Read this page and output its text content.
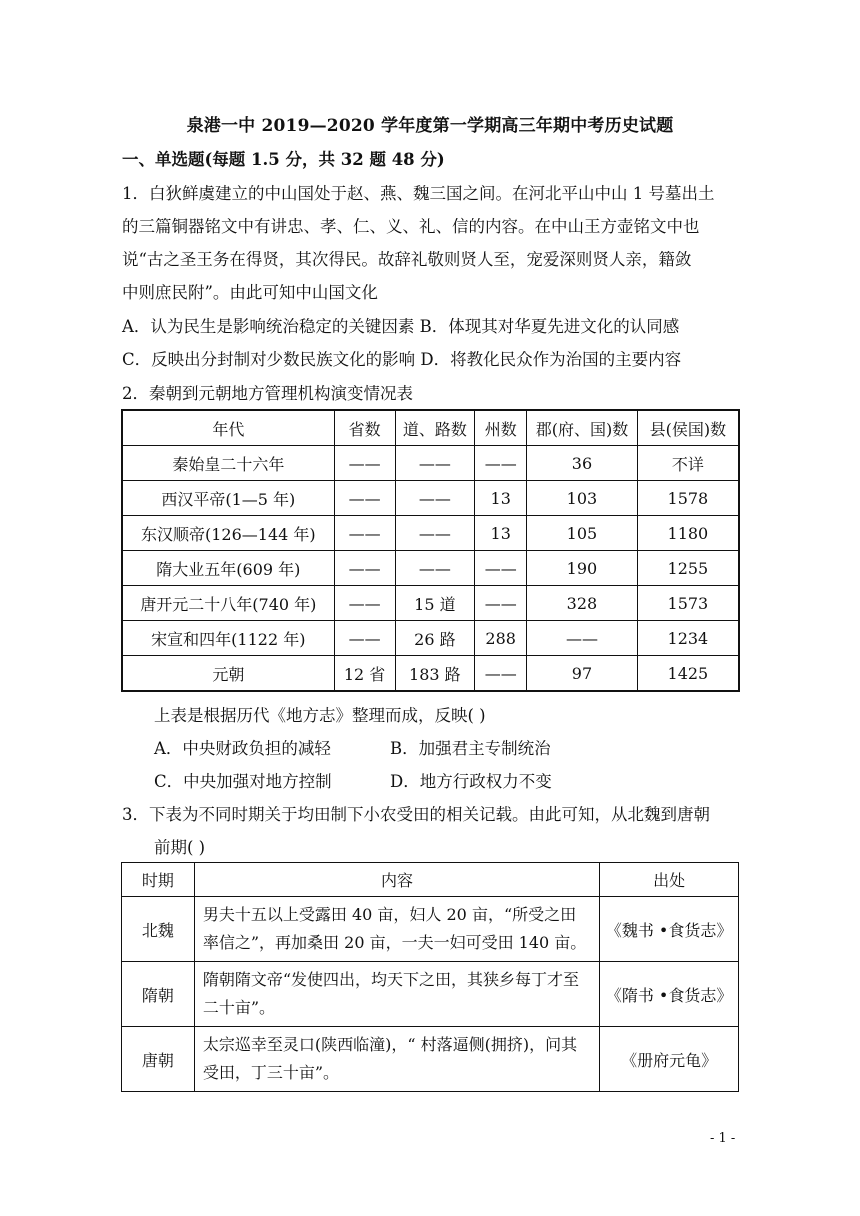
泉港一中 2019—2020 学年度第一学期高三年期中考历史试题
一、单选题(每题 1.5 分，共 32 题 48 分)
1．白狄鲜虞建立的中山国处于赵、燕、魏三国之间。在河北平山中山 1 号墓出土
的三篇铜器铭文中有讲忠、孝、仁、义、礼、信的内容。在中山王方壶铭文中也
说“古之圣王务在得贤，其次得民。故辞礼敬则贤人至，宠爱深则贤人亲，籍敛
中则庶民附”。由此可知中山国文化
A．认为民生是影响统治稳定的关键因素 B．体现其对华夏先进文化的认同感
C．反映出分封制对少数民族文化的影响 D．将教化民众作为治国的主要内容
2．秦朝到元朝地方管理机构演变情况表
年代	省数	道、路数	州数	郡(府、国)数	县(侯国)数
秦始皇二十六年	——	——	——	36	不详
西汉平帝(1—5 年)	——	——	13	103	1578
东汉顺帝(126—144 年)	——	——	13	105	1180
隋大业五年(609 年)	——	——	——	190	1255
唐开元二十八年(740 年)	——	15 道	——	328	1573
宋宣和四年(1122 年)	——	26 路	288	——	1234
元朝	12 省	183 路	——	97	1425
上表是根据历代《地方志》整理而成，反映( )
A．中央财政负担的减轻	B．加强君主专制统治
C．中央加强对地方控制	D．地方行政权力不变
3．下表为不同时期关于均田制下小农受田的相关记载。由此可知，从北魏到唐朝
前期( )
时期	内容	出处
北魏	男夫十五以上受露田 40 亩，妇人 20 亩，“所受之田率信之”，再加桑田 20 亩，一夫一妇可受田 140 亩。	《魏书 •食货志》
隋朝	隋朝隋文帝“发使四出，均天下之田，其狭乡每丁才至二十亩”。	《隋书 •食货志》
唐朝	太宗巡幸至灵口(陕西临潼)，“ 村落逼侧(拥挤)，问其受田，丁三十亩”。	《册府元龟》
- 1 -
